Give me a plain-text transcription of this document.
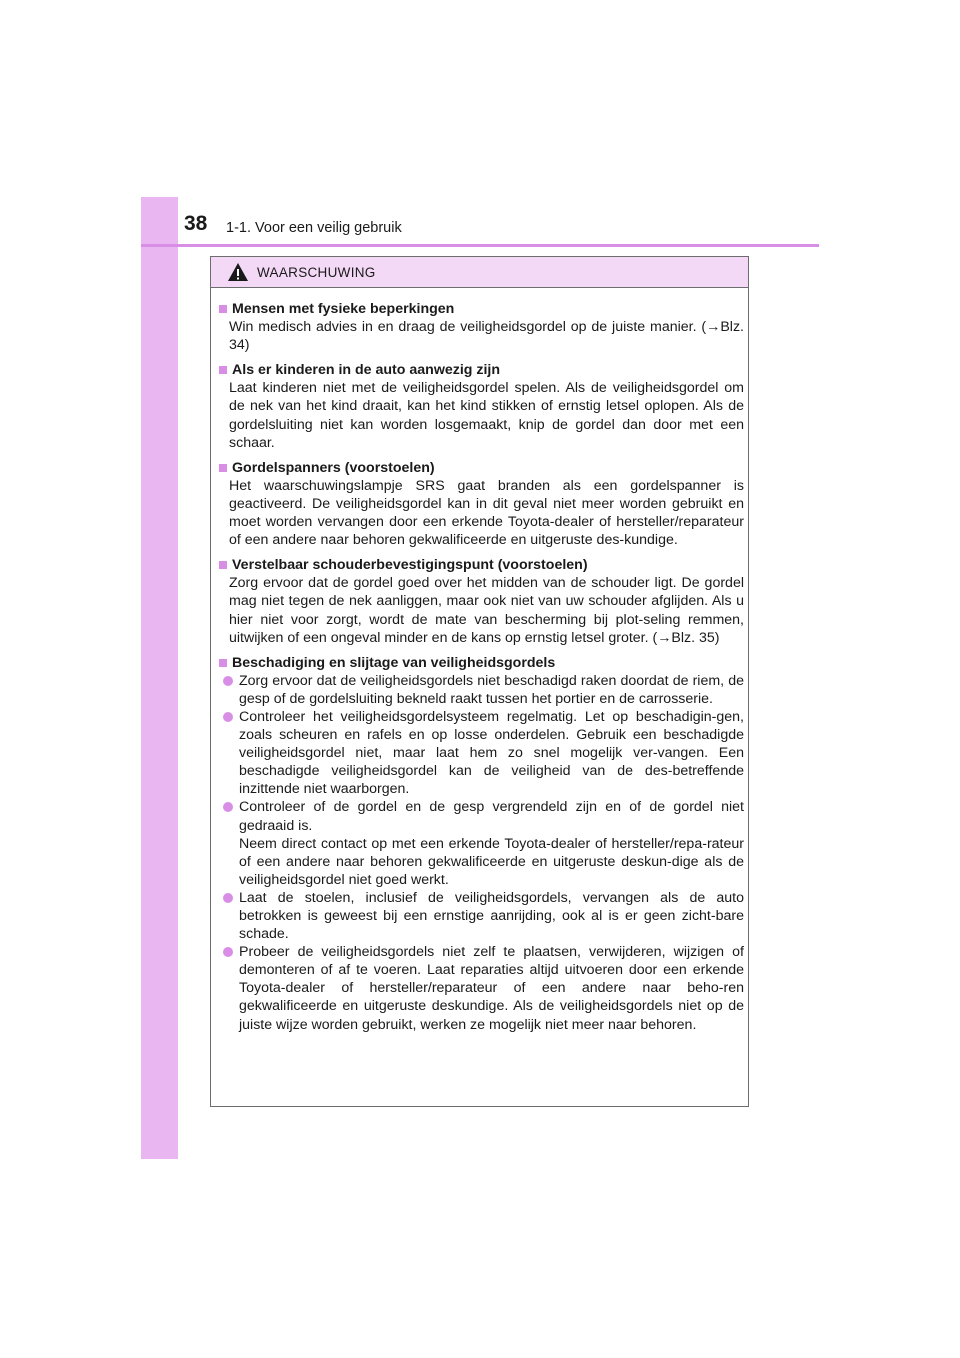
38 1-1. Voor een veilig gebruik
WAARSCHUWING
Mensen met fysieke beperkingen
Win medisch advies in en draag de veiligheidsgordel op de juiste manier. (→Blz. 34)
Als er kinderen in de auto aanwezig zijn
Laat kinderen niet met de veiligheidsgordel spelen. Als de veiligheidsgordel om de nek van het kind draait, kan het kind stikken of ernstig letsel oplopen. Als de gordelsluiting niet kan worden losgemaakt, knip de gordel dan door met een schaar.
Gordelspanners (voorstoelen)
Het waarschuwingslampje SRS gaat branden als een gordelspanner is geactiveerd. De veiligheidsgordel kan in dit geval niet meer worden gebruikt en moet worden vervangen door een erkende Toyota-dealer of hersteller/reparateur of een andere naar behoren gekwalificeerde en uitgeruste des-kundige.
Verstelbaar schouderbevestigingspunt (voorstoelen)
Zorg ervoor dat de gordel goed over het midden van de schouder ligt. De gordel mag niet tegen de nek aanliggen, maar ook niet van uw schouder afglijden. Als u hier niet voor zorgt, wordt de mate van bescherming bij plot-seling remmen, uitwijken of een ongeval minder en de kans op ernstig letsel groter. (→Blz. 35)
Beschadiging en slijtage van veiligheidsgordels
Zorg ervoor dat de veiligheidsgordels niet beschadigd raken doordat de riem, de gesp of de gordelsluiting bekneld raakt tussen het portier en de carrosserie.
Controleer het veiligheidsgordelsysteem regelmatig. Let op beschadigin-gen, zoals scheuren en rafels en op losse onderdelen. Gebruik een beschadigde veiligheidsgordel niet, maar laat hem zo snel mogelijk ver-vangen. Een beschadigde veiligheidsgordel kan de veiligheid van de des-betreffende inzittende niet waarborgen.
Controleer of de gordel en de gesp vergrendeld zijn en of de gordel niet gedraaid is.
Neem direct contact op met een erkende Toyota-dealer of hersteller/repa-rateur of een andere naar behoren gekwalificeerde en uitgeruste deskun-dige als de veiligheidsgordel niet goed werkt.
Laat de stoelen, inclusief de veiligheidsgordels, vervangen als de auto betrokken is geweest bij een ernstige aanrijding, ook al is er geen zicht-bare schade.
Probeer de veiligheidsgordels niet zelf te plaatsen, verwijderen, wijzigen of demonteren of af te voeren. Laat reparaties altijd uitvoeren door een erkende Toyota-dealer of hersteller/reparateur of een andere naar beho-ren gekwalificeerde en uitgeruste deskundige. Als de veiligheidsgordels niet op de juiste wijze worden gebruikt, werken ze mogelijk niet meer naar behoren.
